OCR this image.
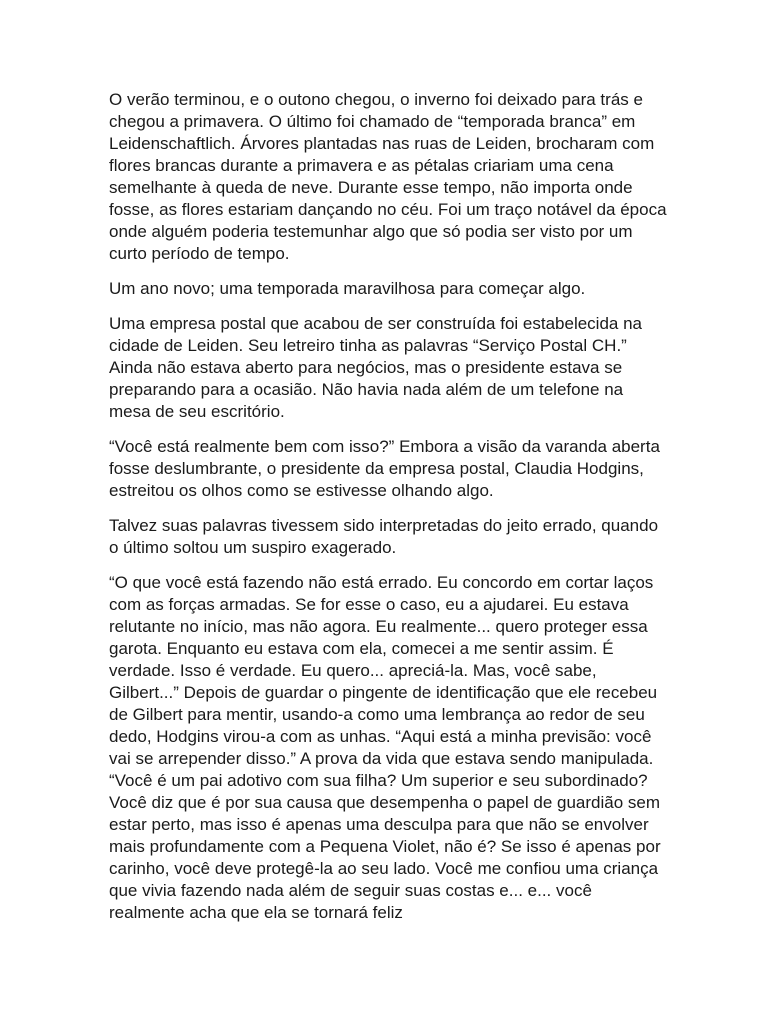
O verão terminou, e o outono chegou, o inverno foi deixado para trás e chegou a primavera. O último foi chamado de “temporada branca” em Leidenschaftlich. Árvores plantadas nas ruas de Leiden, brocharam com flores brancas durante a primavera e as pétalas criariam uma cena semelhante à queda de neve. Durante esse tempo, não importa onde fosse, as flores estariam dançando no céu. Foi um traço notável da época onde alguém poderia testemunhar algo que só podia ser visto por um curto período de tempo.

Um ano novo; uma temporada maravilhosa para começar algo.

Uma empresa postal que acabou de ser construída foi estabelecida na cidade de Leiden. Seu letreiro tinha as palavras “Serviço Postal CH.” Ainda não estava aberto para negócios, mas o presidente estava se preparando para a ocasião. Não havia nada além de um telefone na mesa de seu escritório.

“Você está realmente bem com isso?” Embora a visão da varanda aberta fosse deslumbrante, o presidente da empresa postal, Claudia Hodgins, estreitou os olhos como se estivesse olhando algo.

Talvez suas palavras tivessem sido interpretadas do jeito errado, quando o último soltou um suspiro exagerado.

“O que você está fazendo não está errado. Eu concordo em cortar laços com as forças armadas. Se for esse o caso, eu a ajudarei. Eu estava relutante no início, mas não agora. Eu realmente... quero proteger essa garota. Enquanto eu estava com ela, comecei a me sentir assim. É verdade. Isso é verdade. Eu quero... apreciá-la. Mas, você sabe, Gilbert...” Depois de guardar o pingente de identificação que ele recebeu de Gilbert para mentir, usando-a como uma lembrança ao redor de seu dedo, Hodgins virou-a com as unhas. “Aqui está a minha previsão: você vai se arrepender disso.” A prova da vida que estava sendo manipulada. “Você é um pai adotivo com sua filha? Um superior e seu subordinado? Você diz que é por sua causa que desempenha o papel de guardião sem estar perto, mas isso é apenas uma desculpa para que não se envolver mais profundamente com a Pequena Violet, não é? Se isso é apenas por carinho, você deve protegê-la ao seu lado. Você me confiou uma criança que vivia fazendo nada além de seguir suas costas e... e... você realmente acha que ela se tornará feliz
